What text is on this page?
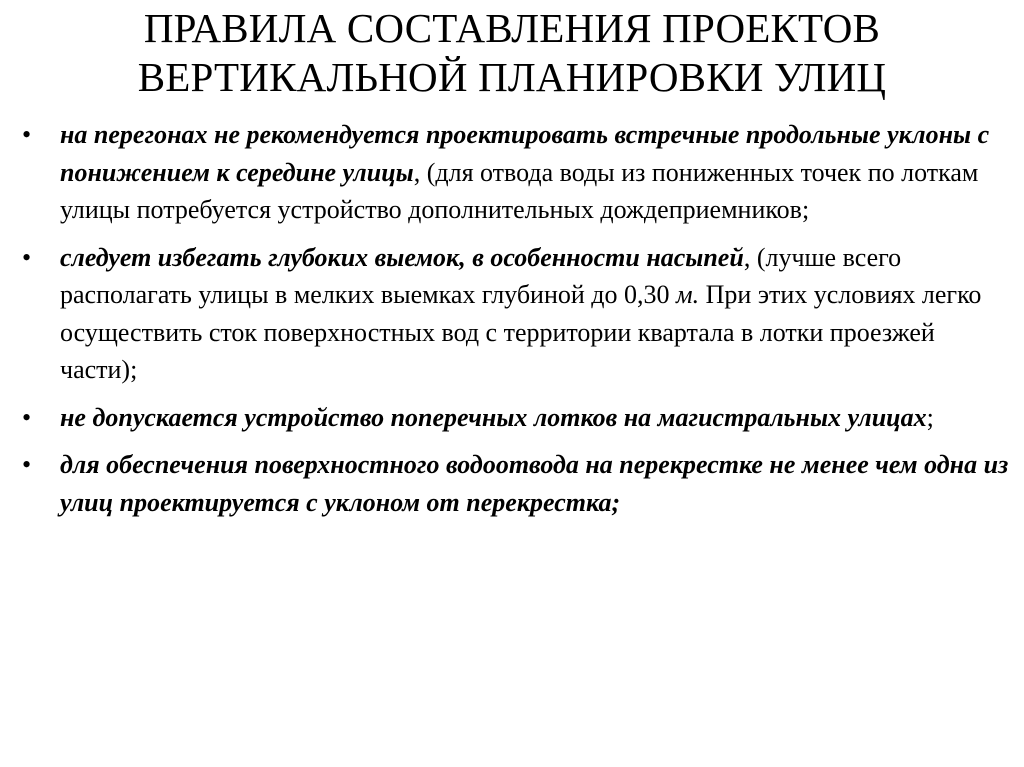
ПРАВИЛА СОСТАВЛЕНИЯ ПРОЕКТОВ
ВЕРТИКАЛЬНОЙ ПЛАНИРОВКИ УЛИЦ
•	на перегонах не рекомендуется проектировать встречные продольные уклоны с понижением к середине улицы, (для отвода воды из пониженных точек по лоткам улицы потребуется устройство дополнительных дождеприемников;
•	следует избегать глубоких выемок, в особенности насыпей, (лучше всего располагать улицы в мелких выемках глубиной до 0,30 м. При этих условиях легко осуществить сток поверхностных вод с территории квартала в лотки проезжей части);
•	не допускается устройство поперечных лотков на магистральных улицах;
•	для обеспечения поверхностного водоотвода на перекрестке не менее чем одна из улиц проектируется с уклоном от перекрестка;
